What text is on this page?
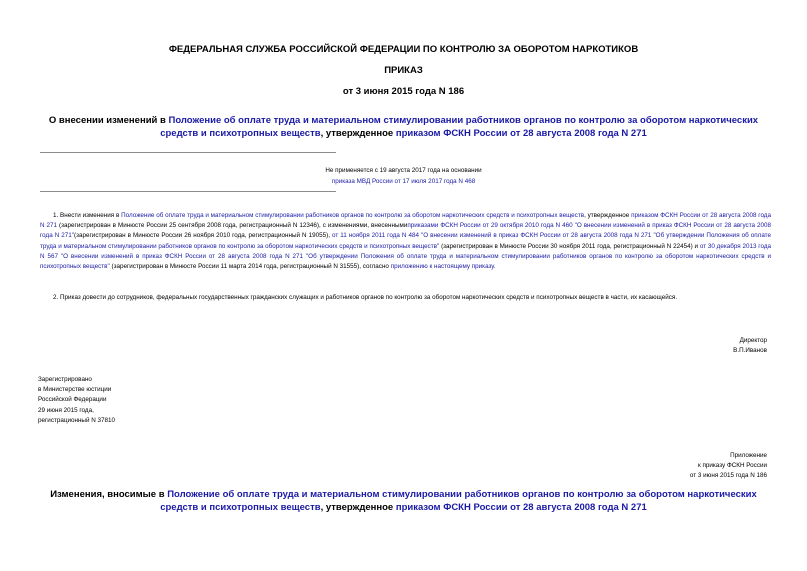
ФЕДЕРАЛЬНАЯ СЛУЖБА РОССИЙСКОЙ ФЕДЕРАЦИИ ПО КОНТРОЛЮ ЗА ОБОРОТОМ НАРКОТИКОВ
ПРИКАЗ
от 3 июня 2015 года N 186
О внесении изменений в Положение об оплате труда и материальном стимулировании работников органов по контролю за оборотом наркотических средств и психотропных веществ, утвержденное приказом ФСКН России от 28 августа 2008 года N 271
Не применяется с 19 августа 2017 года на основании
приказа МВД России от 17 июля 2017 года N 468
1. Внести изменения в Положение об оплате труда и материальном стимулировании работников органов по контролю за оборотом наркотических средств и психотропных веществ, утвержденное приказом ФСКН России от 28 августа 2008 года N 271 (зарегистрирован в Минюсте России 25 сентября 2008 года, регистрационный N 12346), с изменениями, внесеннымиприказами ФСКН России от 29 октября 2010 года N 460 "О внесении изменений в приказ ФСКН России от 28 августа 2008 года N 271"(зарегистрирован в Минюсте России 26 ноября 2010 года, регистрационный N 19055), от 11 ноября 2011 года N 484 "О внесении изменений в приказ ФСКН России от 28 августа 2008 года N 271 "Об утверждении Положения об оплате труда и материальном стимулировании работников органов по контролю за оборотом наркотических средств и психотропных веществ" (зарегистрирован в Минюсте России 30 ноября 2011 года, регистрационный N 22454) и от 30 декабря 2013 года N 567 "О внесении изменений в приказ ФСКН России от 28 августа 2008 года N 271 "Об утверждении Положения об оплате труда и материальном стимулировании работников органов по контролю за оборотом наркотических средств и психотропных веществ" (зарегистрирован в Минюсте России 11 марта 2014 года, регистрационный N 31555), согласно приложению к настоящему приказу.
2. Приказ довести до сотрудников, федеральных государственных гражданских служащих и работников органов по контролю за оборотом наркотических средств и психотропных веществ в части, их касающейся.
Директор
В.П.Иванов
Зарегистрировано
в Министерстве юстиции
Российской Федерации
29 июня 2015 года,
регистрационный N 37810
Приложение
к приказу ФСКН России
от 3 июня 2015 года N 186
Изменения, вносимые в Положение об оплате труда и материальном стимулировании работников органов по контролю за оборотом наркотических средств и психотропных веществ, утвержденное приказом ФСКН России от 28 августа 2008 года N 271
